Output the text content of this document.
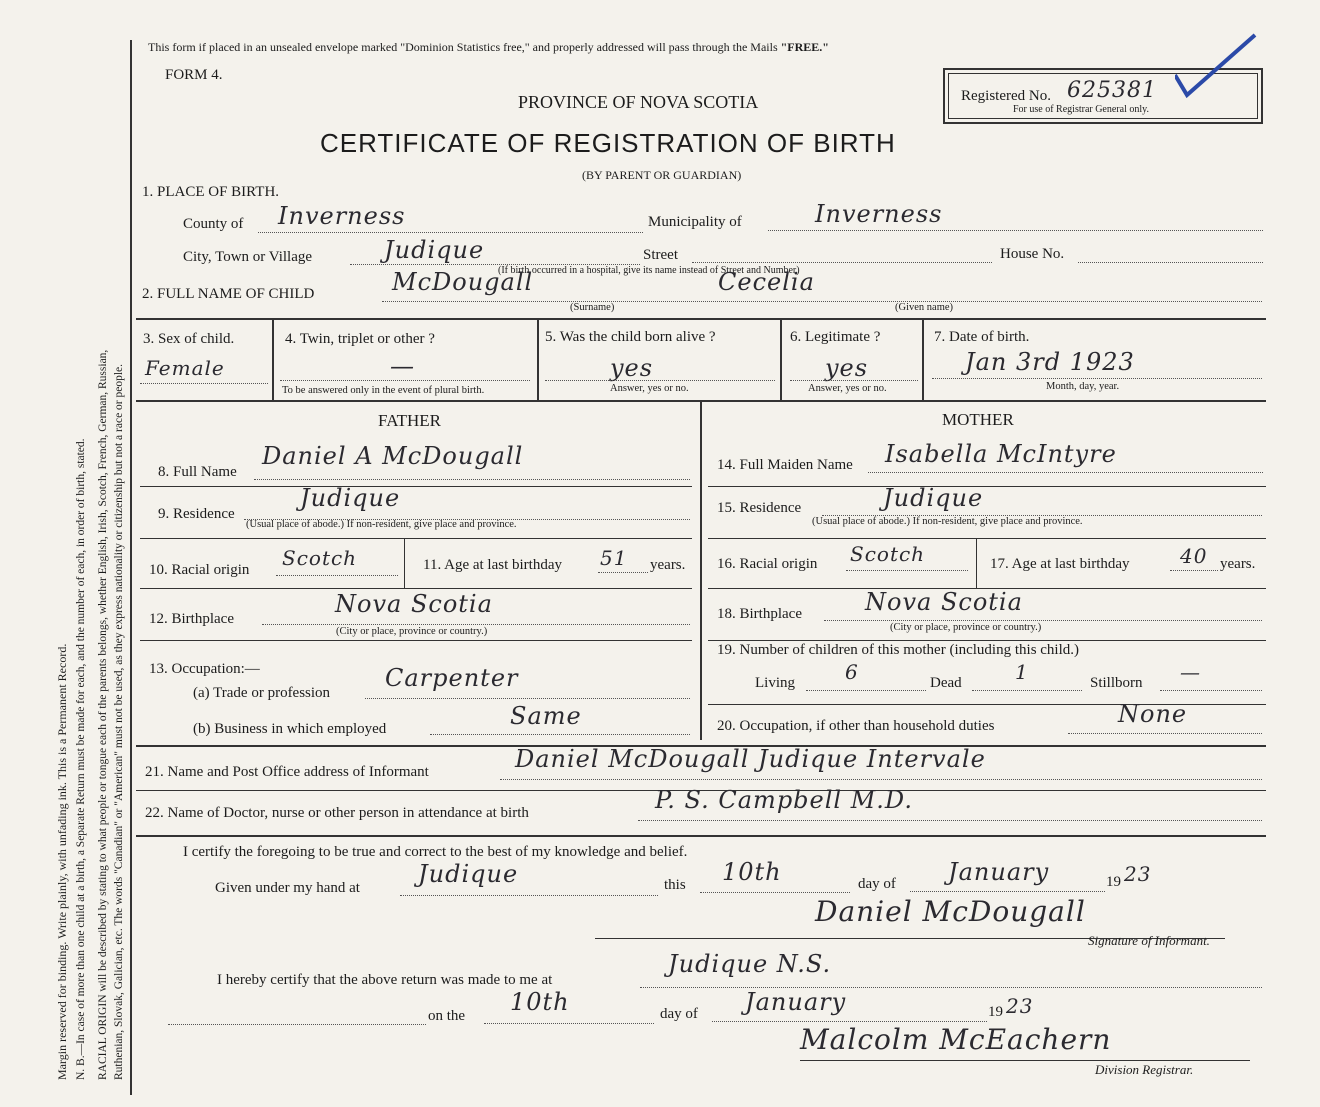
Margin reserved for binding. Write plainly, with unfading ink. This is a Permanent Record. N. B.—In case of more than one child at a birth, a Separate Return must be made for each, and the number of each, in order of birth, stated. RACIAL ORIGIN will be described by stating to what people or tongue each of the parents belongs, whether English, Irish, Scotch, French, German, Russian, Ruthenian, Slovak, Galician, etc. The words "Canadian" or "American" must not be used, as they express nationality or citizenship but not a race or people.
This form if placed in an unsealed envelope marked "Dominion Statistics free," and properly addressed will pass through the Mails "FREE."
FORM 4.
PROVINCE OF NOVA SCOTIA
CERTIFICATE OF REGISTRATION OF BIRTH
(BY PARENT OR GUARDIAN)
Registered No. 625381
For use of Registrar General only.
1. PLACE OF BIRTH.
County of Inverness	Municipality of	Inverness
City, Town or Village	Judique	Street	House No.
(If birth occurred in a hospital, give its name instead of Street and Number)
2. FULL NAME OF CHILD	McDougall	Cecelia
(Surname)	(Given name)
3. Sex of child.
Female
4. Twin, triplet or other ?
—
To be answered only in the event of plural birth.
5. Was the child born alive ?
yes
Answer, yes or no.
6. Legitimate ?
yes
Answer, yes or no.
7. Date of birth.
Jan 3rd 1923
Month, day, year.
FATHER	MOTHER
8. Full Name
Daniel A McDougall
9. Residence
Judique
(Usual place of abode.) If non-resident, give place and province.
10. Racial origin Scotch	11. Age at last birthday 51 years.
12. Birthplace
Nova Scotia
(City or place, province or country.)
13. Occupation:—
(a) Trade or profession
Carpenter
(b) Business in which employed	Same
14. Full Maiden Name Isabella McIntyre
15. Residence	Judique
(Usual place of abode.) If non-resident, give place and province.
16. Racial origin Scotch	17. Age at last birthday	40 years.
18. Birthplace	Nova Scotia
(City or place, province or country.)
19. Number of children of this mother (including this child.)
Living	6	Dead	1	Stillborn —
20. Occupation, if other than household duties	None
21. Name and Post Office address of Informant	Daniel McDougall Judique Intervale
22. Name of Doctor, nurse or other person in attendance at birth	P. S. Campbell M.D.
I certify the foregoing to be true and correct to the best of my knowledge and belief.
Given under my hand at Judique	this 10th	day of January	19 23
Daniel McDougall
Signature of Informant.
I hereby certify that the above return was made to me at
Judique N.S.
on the 10th	day of January	19 23
Malcolm McEachern
Division Registrar.
